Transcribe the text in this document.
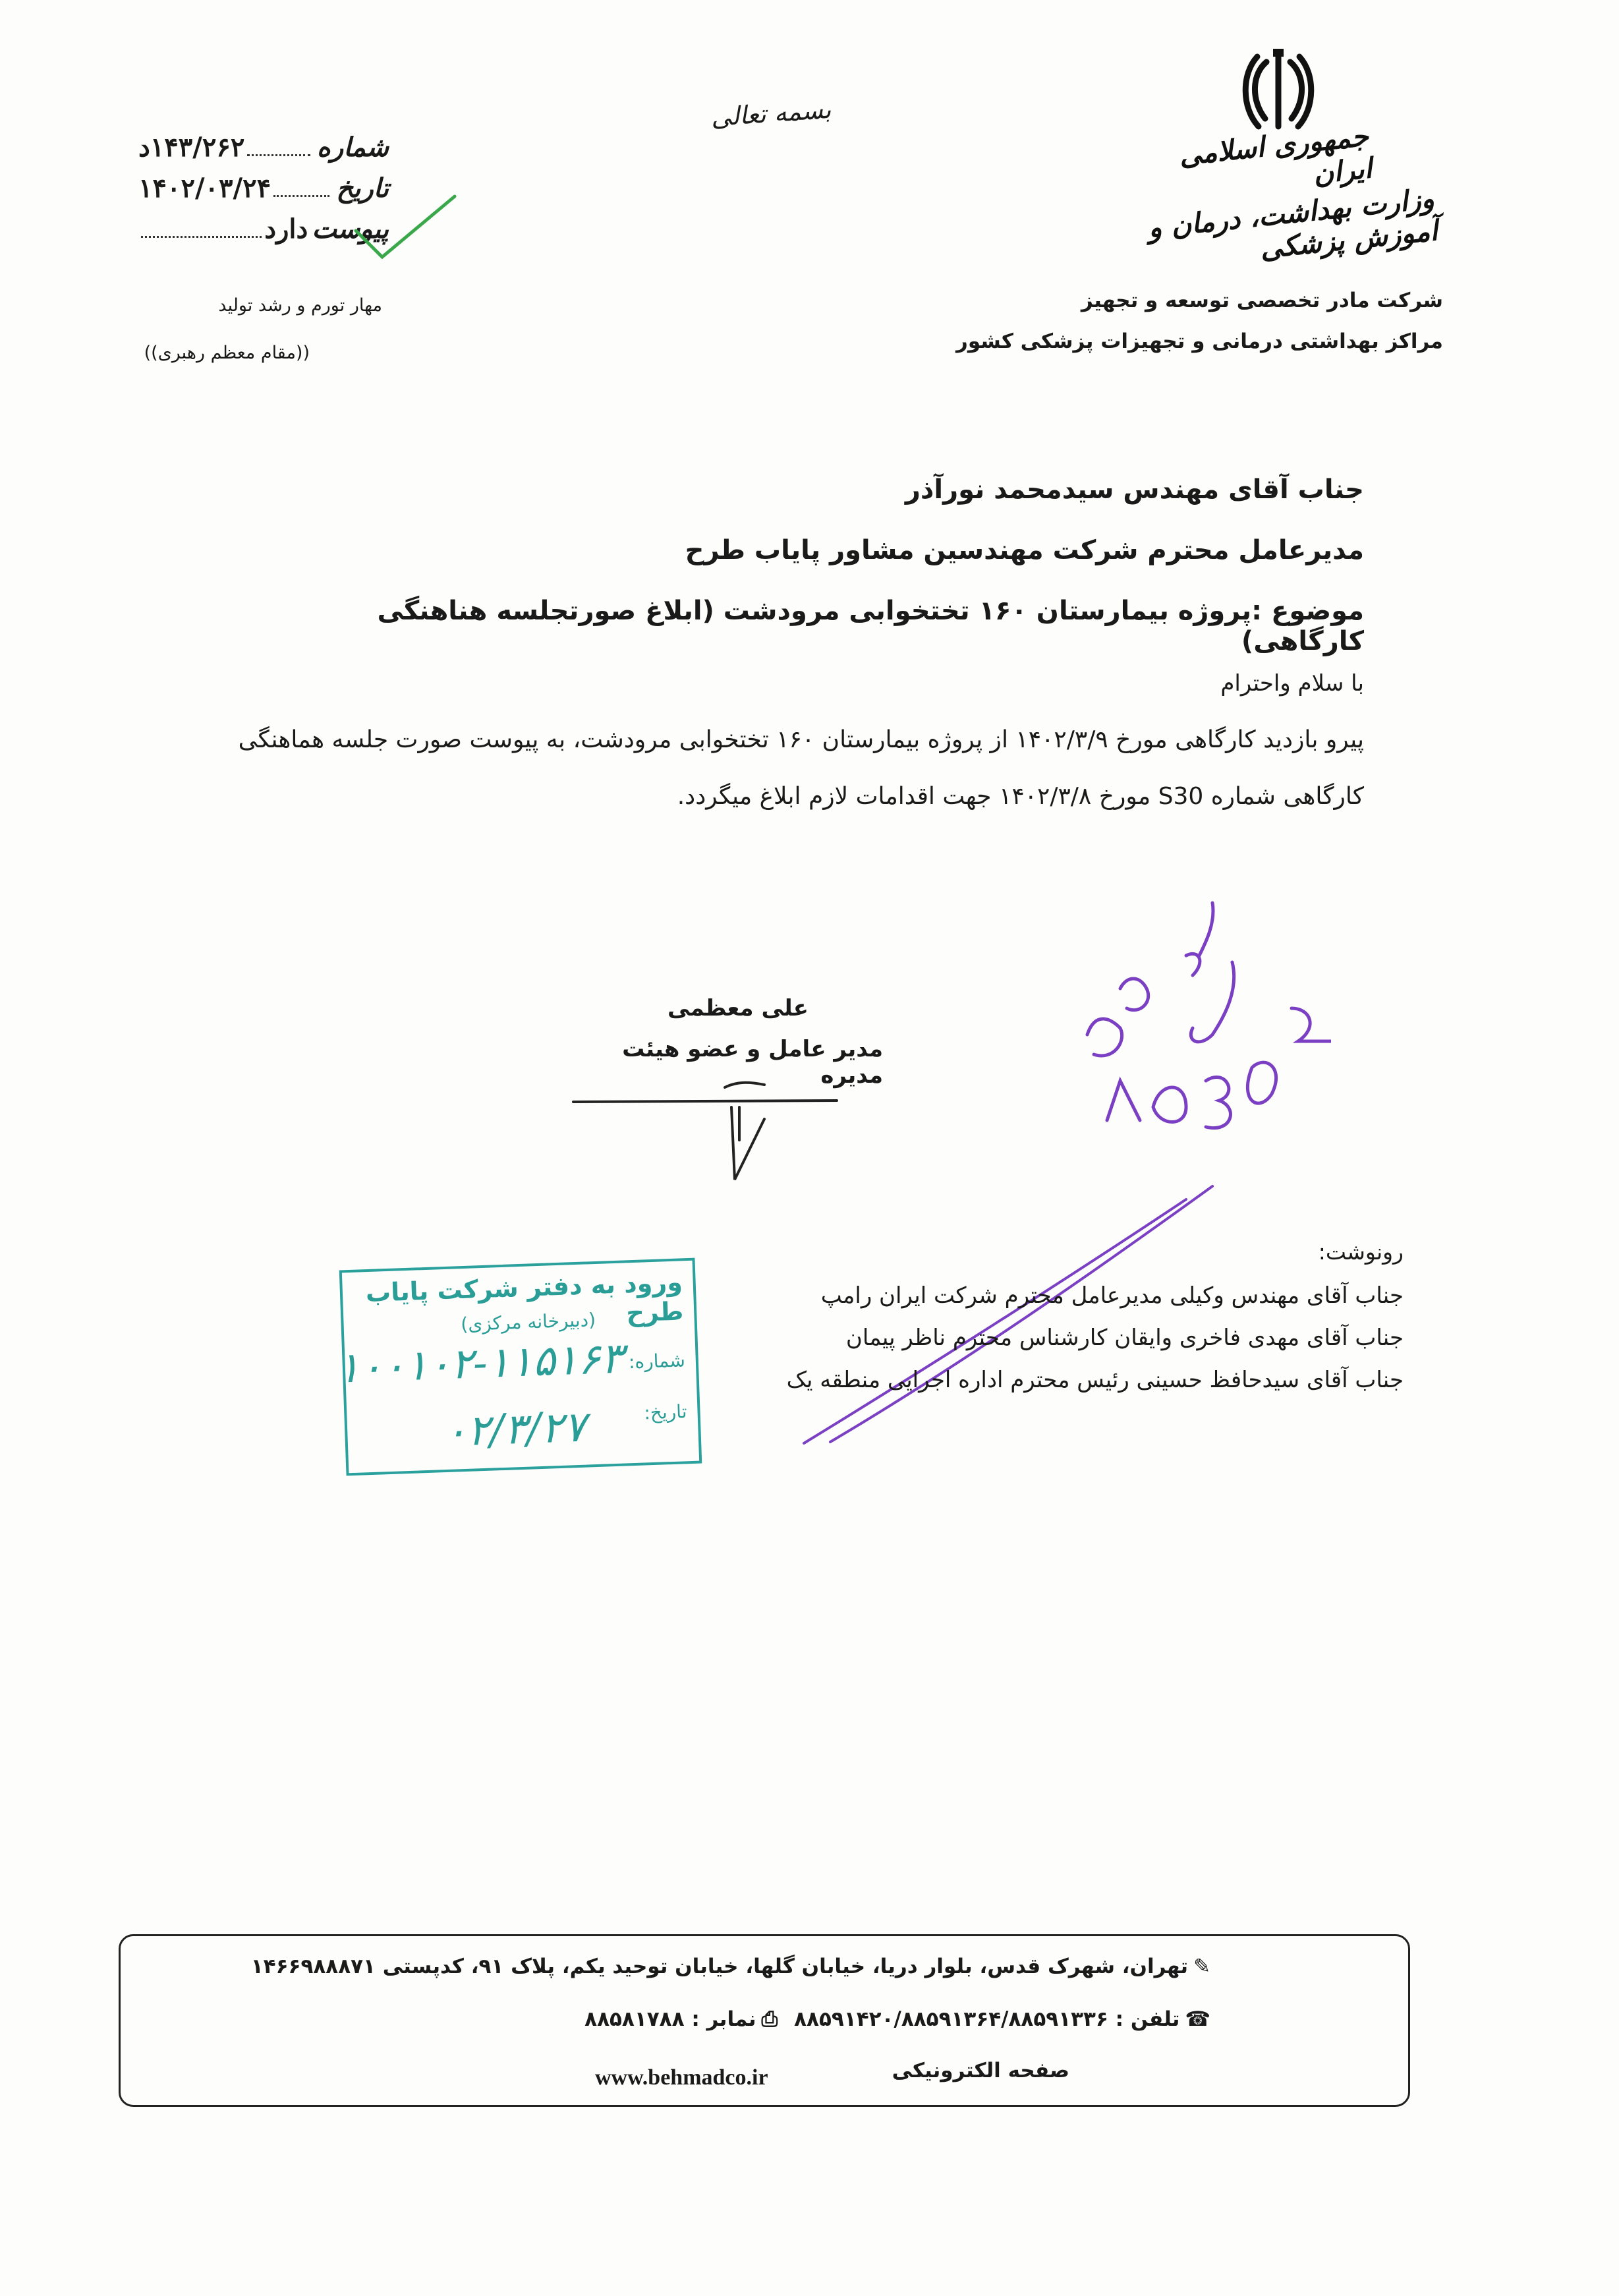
بسمه تعالی
جمهوری اسلامی ایران
وزارت بهداشت، درمان و آموزش پزشکی
شرکت مادر تخصصی توسعه و تجهیز
مراکز بهداشتی درمانی و تجهیزات پزشکی کشور
شماره
۱۴۳/۲۶۲د
تاریخ
۱۴۰۲/۰۳/۲۴
پیوست
دارد
مهار تورم و رشد تولید
((مقام معظم رهبری))
جناب آقای مهندس سیدمحمد نورآذر
مدیرعامل محترم شرکت مهندسین مشاور پایاب طرح
موضوع :پروژه بیمارستان ۱۶۰ تختخوابی مرودشت (ابلاغ صورتجلسه هناهنگی کارگاهی)
با سلام واحترام
پیرو بازدید کارگاهی مورخ ۱۴۰۲/۳/۹ از پروژه بیمارستان ۱۶۰ تختخوابی مرودشت، به پیوست صورت جلسه هماهنگی
کارگاهی شماره S30 مورخ ۱۴۰۲/۳/۸ جهت اقدامات لازم ابلاغ میگردد.
علی معظمی
مدیر عامل و عضو هیئت مدیره
رونوشت:
جناب آقای مهندس وکیلی مدیرعامل محترم شرکت ایران رامپ
جناب آقای مهدی فاخری وایقان کارشناس محترم ناظر پیمان
جناب آقای سیدحافظ حسینی رئیس محترم اداره اجرایی منطقه یک
ورود به دفتر شرکت پایاب طرح
(دبیرخانه مرکزی)
شماره:
۱۰۰۱۰۲-۱۱۵۱۶۳
تاریخ:
۰۲/۳/۲۷
✎تهران، شهرک قدس، بلوار دریا، خیابان گلها، خیابان توحید یکم، پلاک ۹۱، کدپستی ۱۴۶۶۹۸۸۸۷۱
☎تلفن : ۸۸۵۹۱۴۲۰/۸۸۵۹۱۳۶۴/۸۸۵۹۱۳۳۶ ⎙نمابر : ۸۸۵۸۱۷۸۸
صفحه الکترونیکی
www.behmadco.ir
